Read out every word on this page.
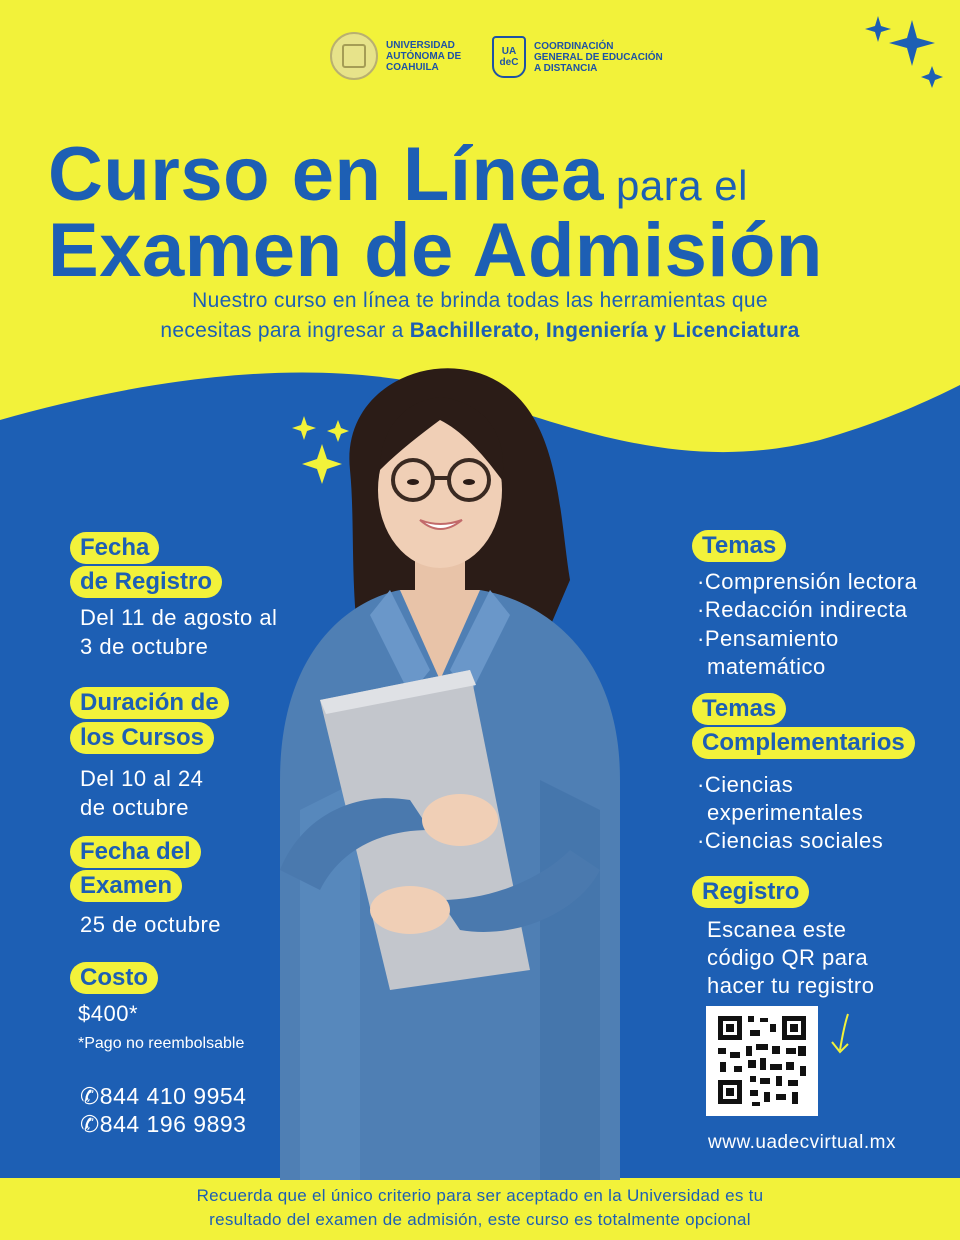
UNIVERSIDAD
AUTÓNOMA DE
COAHUILA
UA
deC
COORDINACIÓN
GENERAL DE EDUCACIÓN
A DISTANCIA
Curso en Línea para el
Examen de Admisión
Nuestro curso en línea te brinda todas las herramientas que
necesitas para ingresar a Bachillerato, Ingeniería y Licenciatura
Fecha
de Registro
Del 11 de agosto al
3 de octubre
Duración de
los Cursos
Del 10 al 24
de octubre
Fecha del
Examen
25 de octubre
Costo
$400*
*Pago no reembolsable
✆844 410 9954
✆844 196 9893
Temas
·Comprensión lectora
·Redacción indirecta
·Pensamiento
matemático
Temas
Complementarios
·Ciencias
experimentales
·Ciencias sociales
Registro
Escanea este
código QR para
hacer tu registro
www.uadecvirtual.mx
Recuerda que el único criterio para ser aceptado en la Universidad es tu
resultado del examen de admisión, este curso es totalmente opcional
